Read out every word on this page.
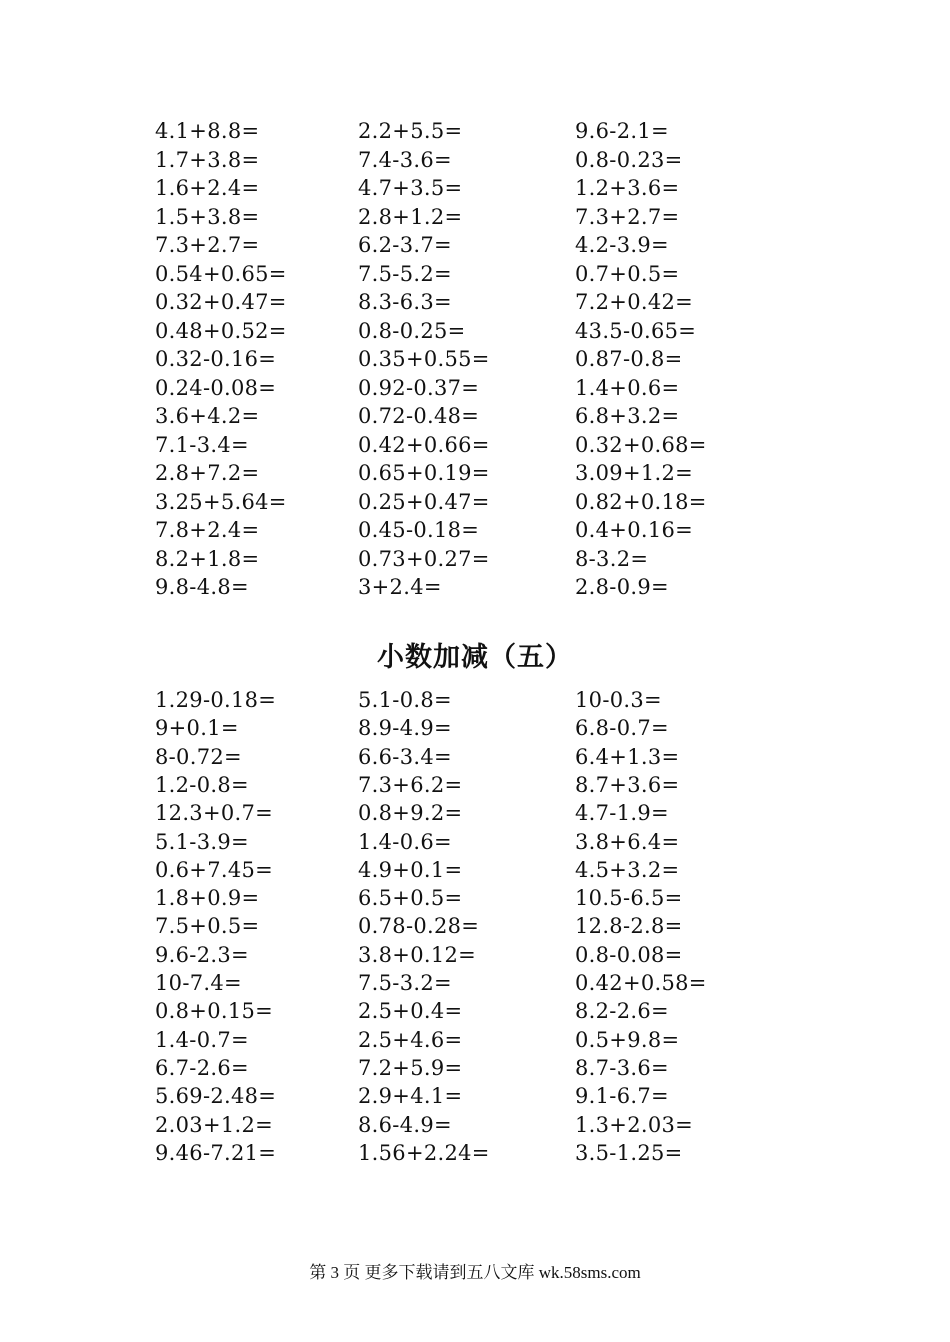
4.1+8.8=	2.2+5.5=	9.6-2.1=
1.7+3.8=	7.4-3.6=	0.8-0.23=
1.6+2.4=	4.7+3.5=	1.2+3.6=
1.5+3.8=	2.8+1.2=	7.3+2.7=
7.3+2.7=	6.2-3.7=	4.2-3.9=
0.54+0.65=	7.5-5.2=	0.7+0.5=
0.32+0.47=	8.3-6.3=	7.2+0.42=
0.48+0.52=	0.8-0.25=	43.5-0.65=
0.32-0.16=	0.35+0.55=	0.87-0.8=
0.24-0.08=	0.92-0.37=	1.4+0.6=
3.6+4.2=	0.72-0.48=	6.8+3.2=
7.1-3.4=	0.42+0.66=	0.32+0.68=
2.8+7.2=	0.65+0.19=	3.09+1.2=
3.25+5.64=	0.25+0.47=	0.82+0.18=
7.8+2.4=	0.45-0.18=	0.4+0.16=
8.2+1.8=	0.73+0.27=	8-3.2=
9.8-4.8=	3+2.4=	2.8-0.9=
小数加减（五）
1.29-0.18=	5.1-0.8=	10-0.3=
9+0.1=	8.9-4.9=	6.8-0.7=
8-0.72=	6.6-3.4=	6.4+1.3=
1.2-0.8=	7.3+6.2=	8.7+3.6=
12.3+0.7=	0.8+9.2=	4.7-1.9=
5.1-3.9=	1.4-0.6=	3.8+6.4=
0.6+7.45=	4.9+0.1=	4.5+3.2=
1.8+0.9=	6.5+0.5=	10.5-6.5=
7.5+0.5=	0.78-0.28=	12.8-2.8=
9.6-2.3=	3.8+0.12=	0.8-0.08=
10-7.4=	7.5-3.2=	0.42+0.58=
0.8+0.15=	2.5+0.4=	8.2-2.6=
1.4-0.7=	2.5+4.6=	0.5+9.8=
6.7-2.6=	7.2+5.9=	8.7-3.6=
5.69-2.48=	2.9+4.1=	9.1-6.7=
2.03+1.2=	8.6-4.9=	1.3+2.03=
9.46-7.21=	1.56+2.24=	3.5-1.25=
第 3 页 更多下载请到五八文库 wk.58sms.com
